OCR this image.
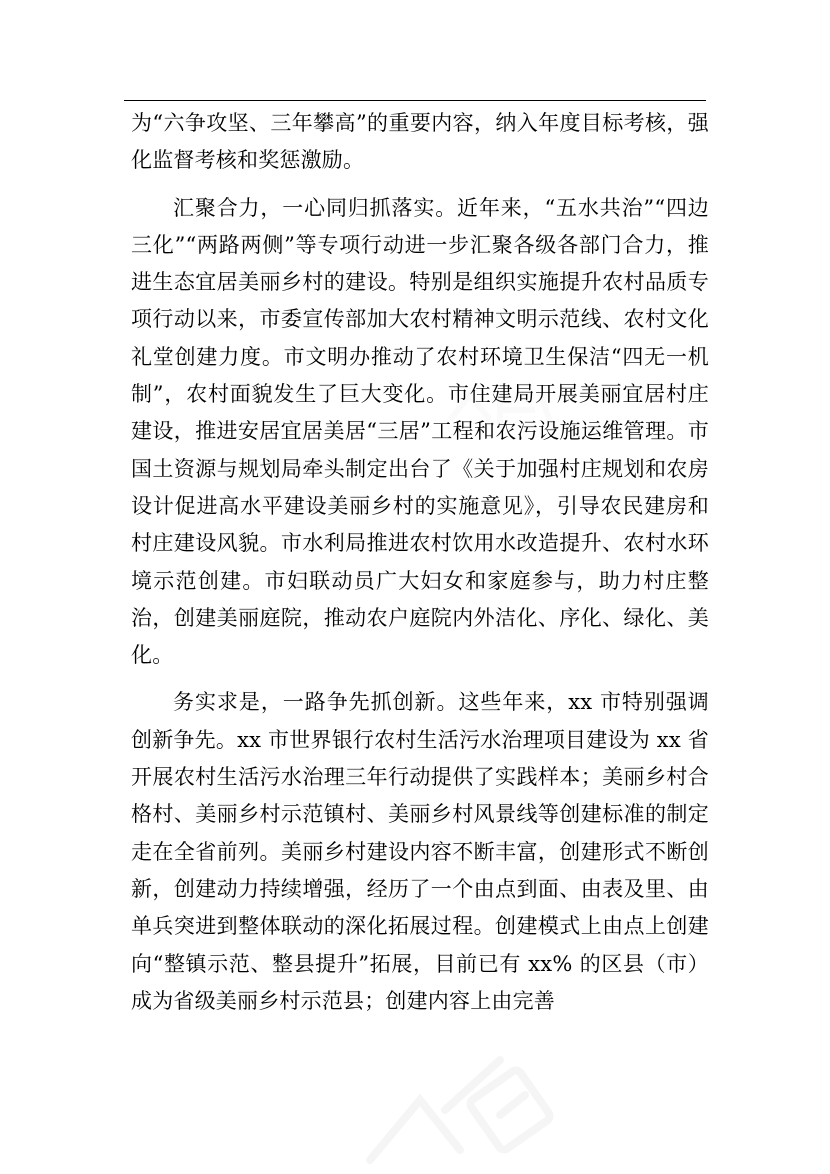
为“六争攻坚、三年攀高”的重要内容，纳入年度目标考核，强化监督考核和奖惩激励。

汇聚合力，一心同归抓落实。近年来，“五水共治”“四边三化”“两路两侧”等专项行动进一步汇聚各级各部门合力，推进生态宜居美丽乡村的建设。特别是组织实施提升农村品质专项行动以来，市委宣传部加大农村精神文明示范线、农村文化礼堂创建力度。市文明办推动了农村环境卫生保洁“四无一机制”，农村面貌发生了巨大变化。市住建局开展美丽宜居村庄建设，推进安居宜居美居“三居”工程和农污设施运维管理。市国土资源与规划局牵头制定出台了《关于加强村庄规划和农房设计促进高水平建设美丽乡村的实施意见》，引导农民建房和村庄建设风貌。市水利局推进农村饮用水改造提升、农村水环境示范创建。市妇联动员广大妇女和家庭参与，助力村庄整治，创建美丽庭院，推动农户庭院内外洁化、序化、绿化、美化。

务实求是，一路争先抓创新。这些年来，xx 市特别强调创新争先。xx 市世界银行农村生活污水治理项目建设为 xx 省开展农村生活污水治理三年行动提供了实践样本；美丽乡村合格村、美丽乡村示范镇村、美丽乡村风景线等创建标准的制定走在全省前列。美丽乡村建设内容不断丰富，创建形式不断创新，创建动力持续增强，经历了一个由点到面、由表及里、由单兵突进到整体联动的深化拓展过程。创建模式上由点上创建向“整镇示范、整县提升”拓展，目前已有 xx% 的区县（市）成为省级美丽乡村示范县；创建内容上由完善
